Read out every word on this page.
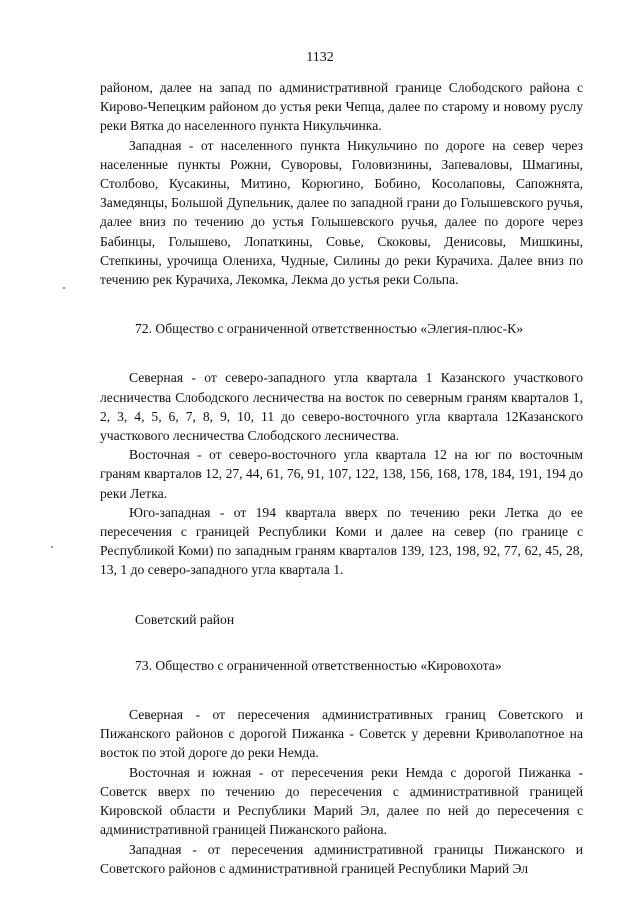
1132

районом, далее на запад по административной границе Слободского района с Кирово-Чепецким районом до устья реки Чепца, далее по старому и новому руслу реки Вятка до населенного пункта Никульчинка.

Западная - от населенного пункта Никульчино по дороге на север через населенные пункты Рожни, Суворовы, Головизнины, Запеваловы, Шмагины, Столбово, Кусакины, Митино, Корюгино, Бобино, Косолаповы, Сапожнята, Замедянцы, Большой Дупельник, далее по западной грани до Голышевского ручья, далее вниз по течению до устья Голышевского ручья, далее по дороге через Бабинцы, Голышево, Лопаткины, Совье, Скоковы, Денисовы, Мишкины, Степкины, урочища Олениха, Чудные, Силины до реки Курачиха. Далее вниз по течению рек Курачиха, Лекомка, Лекма до устья реки Сольпа.

72. Общество с ограниченной ответственностью «Элегия-плюс-К»

Северная - от северо-западного угла квартала 1 Казанского участкового лесничества Слободского лесничества на восток по северным граням кварталов 1, 2, 3, 4, 5, 6, 7, 8, 9, 10, 11 до северо-восточного угла квартала 12Казанского участкового лесничества Слободского лесничества.

Восточная - от северо-восточного угла квартала 12 на юг по восточным граням кварталов 12, 27, 44, 61, 76, 91, 107, 122, 138, 156, 168, 178, 184, 191, 194 до реки Летка.

Юго-западная - от 194 квартала вверх по течению реки Летка до ее пересечения с границей Республики Коми и далее на север (по границе с Республикой Коми) по западным граням кварталов 139, 123, 198, 92, 77, 62, 45, 28, 13, 1 до северо-западного угла квартала 1.

Советский район

73. Общество с ограниченной ответственностью «Кировохота»

Северная - от пересечения административных границ Советского и Пижанского районов с дорогой Пижанка - Советск у деревни Криволапотное на восток по этой дороге до реки Немда.

Восточная и южная - от пересечения реки Немда с дорогой Пижанка - Советск вверх по течению до пересечения с административной границей Кировской области и Республики Марий Эл, далее по ней до пересечения с административной границей Пижанского района.

Западная - от пересечения административной границы Пижанского и Советского районов с административной границей Республики Марий Эл
